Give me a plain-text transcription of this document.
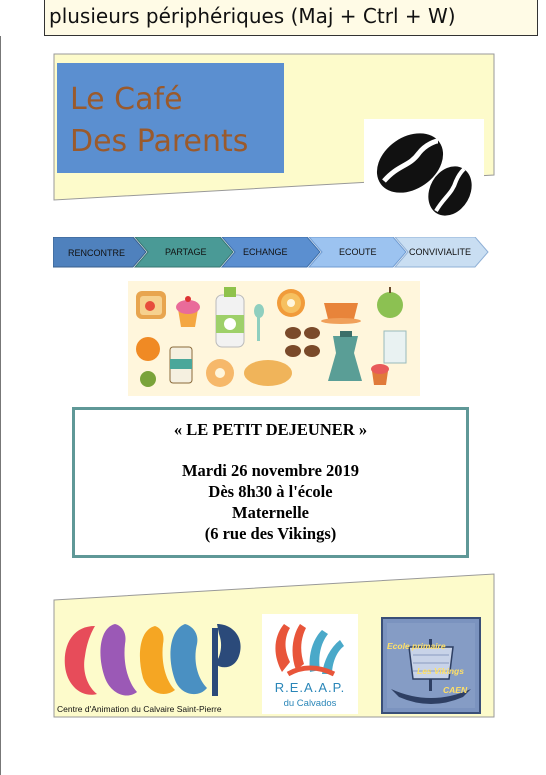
plusieurs périphériques (Maj + Ctrl + W)
Le Café
Des Parents
RENCONTRE	PARTAGE	ECHANGE	ECOUTE	CONVIVIALITE
« LE PETIT DEJEUNER »
Mardi 26 novembre 2019
Dès 8h30 à l'école
Maternelle
(6 rue des Vikings)
Centre d'Animation du Calvaire Saint-Pierre
R.E.A.A.P.
du Calvados
Ecole primaire
Les Vikings
CAEN
